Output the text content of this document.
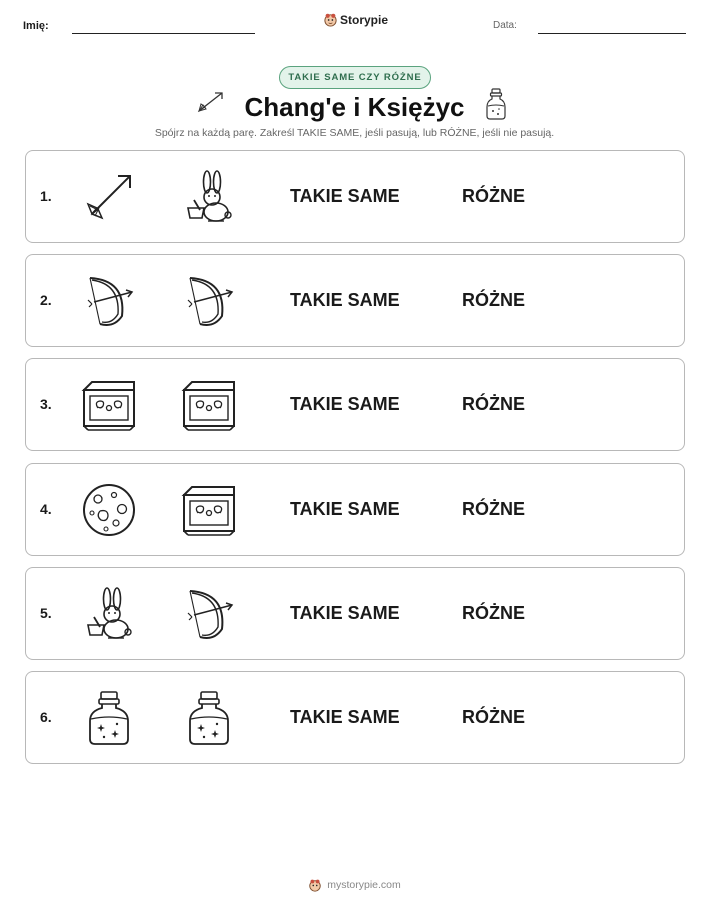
Imię:	Storypie	Data:
TAKIE SAME CZY RÓŻNE
Chang'e i Księżyc
Spójrz na każdą parę. Zakreśl TAKIE SAME, jeśli pasują, lub RÓŻNE, jeśli nie pasują.
1.	TAKIE SAME	RÓŻNE
2.	TAKIE SAME	RÓŻNE
3.	TAKIE SAME	RÓŻNE
4.	TAKIE SAME	RÓŻNE
5.	TAKIE SAME	RÓŻNE
6.	TAKIE SAME	RÓŻNE
mystorypie.com
